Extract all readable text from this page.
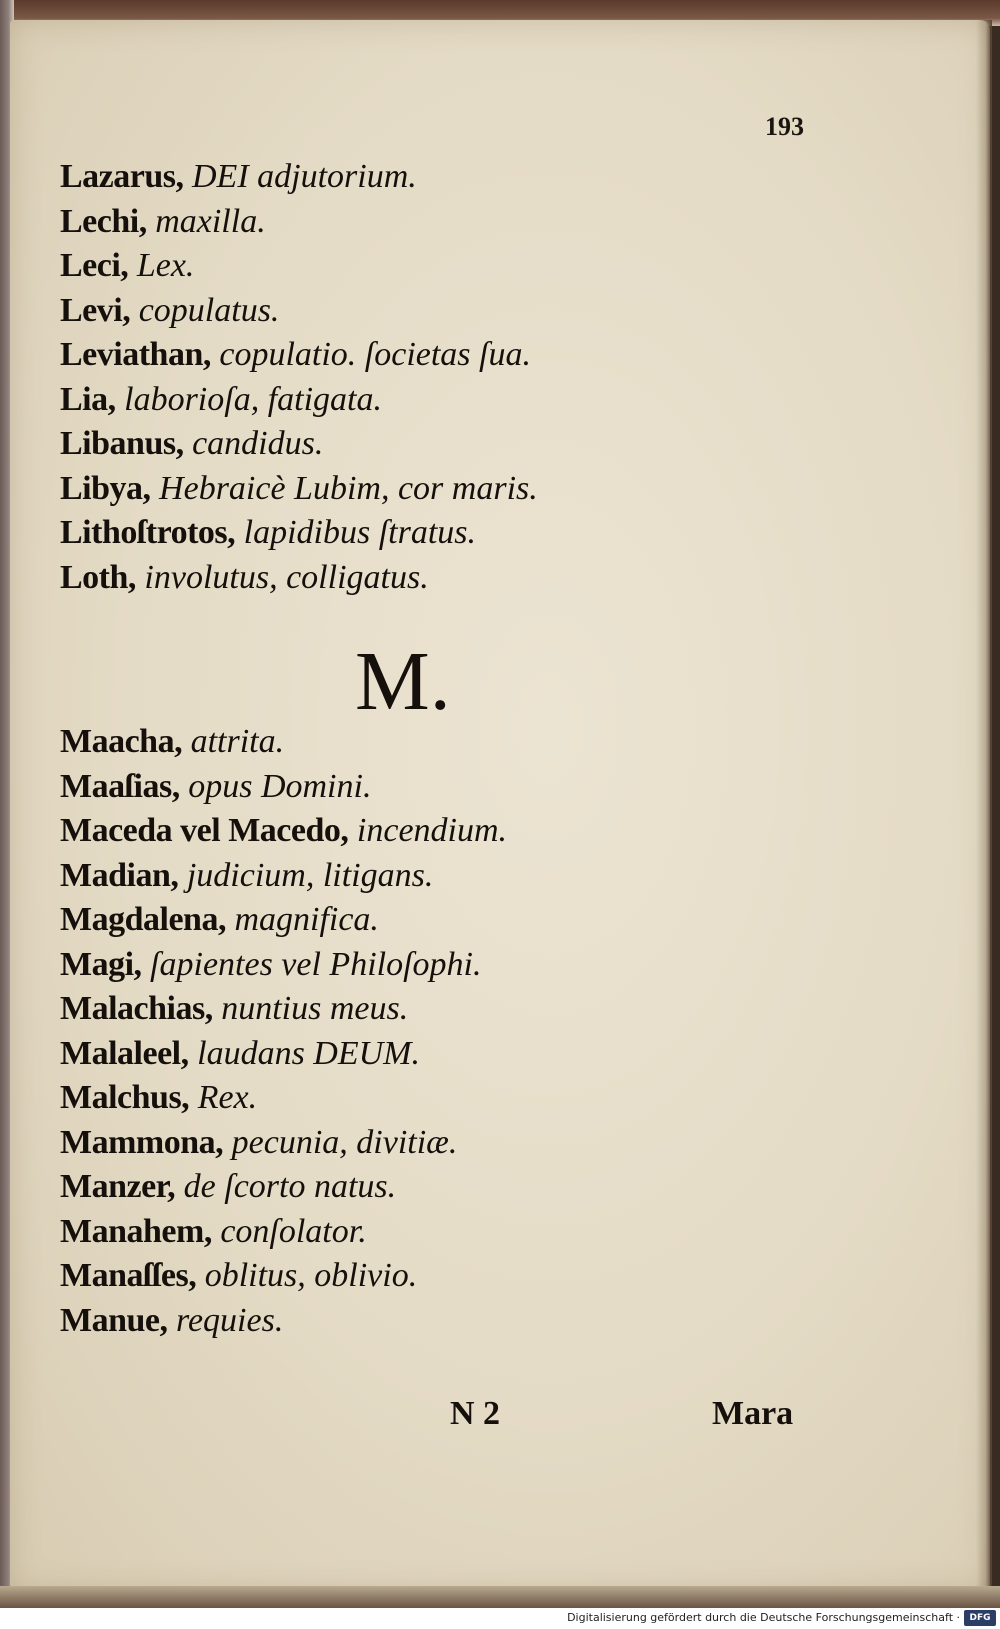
193
Lazarus, DEI adjutorium.
Lechi, maxilla.
Leci, Lex.
Levi, copulatus.
Leviathan, copulatio. ſocietas ſua.
Lia, laborioſa, fatigata.
Libanus, candidus.
Libya, Hebraicè Lubim, cor maris.
Lithoſtrotos, lapidibus ſtratus.
Loth, involutus, colligatus.
M.
Maacha, attrita.
Maaſias, opus Domini.
Maceda vel Macedo, incendium.
Madian, judicium, litigans.
Magdalena, magnifica.
Magi, ſapientes vel Philoſophi.
Malachias, nuntius meus.
Malaleel, laudans DEUM.
Malchus, Rex.
Mammona, pecunia, divitiæ.
Manzer, de ſcorto natus.
Manahem, conſolator.
Manaſſes, oblitus, oblivio.
Manue, requies.
N 2	Mara
Digitalisierung gefördert durch die Deutsche Forschungsgemeinschaft ·	DFG
